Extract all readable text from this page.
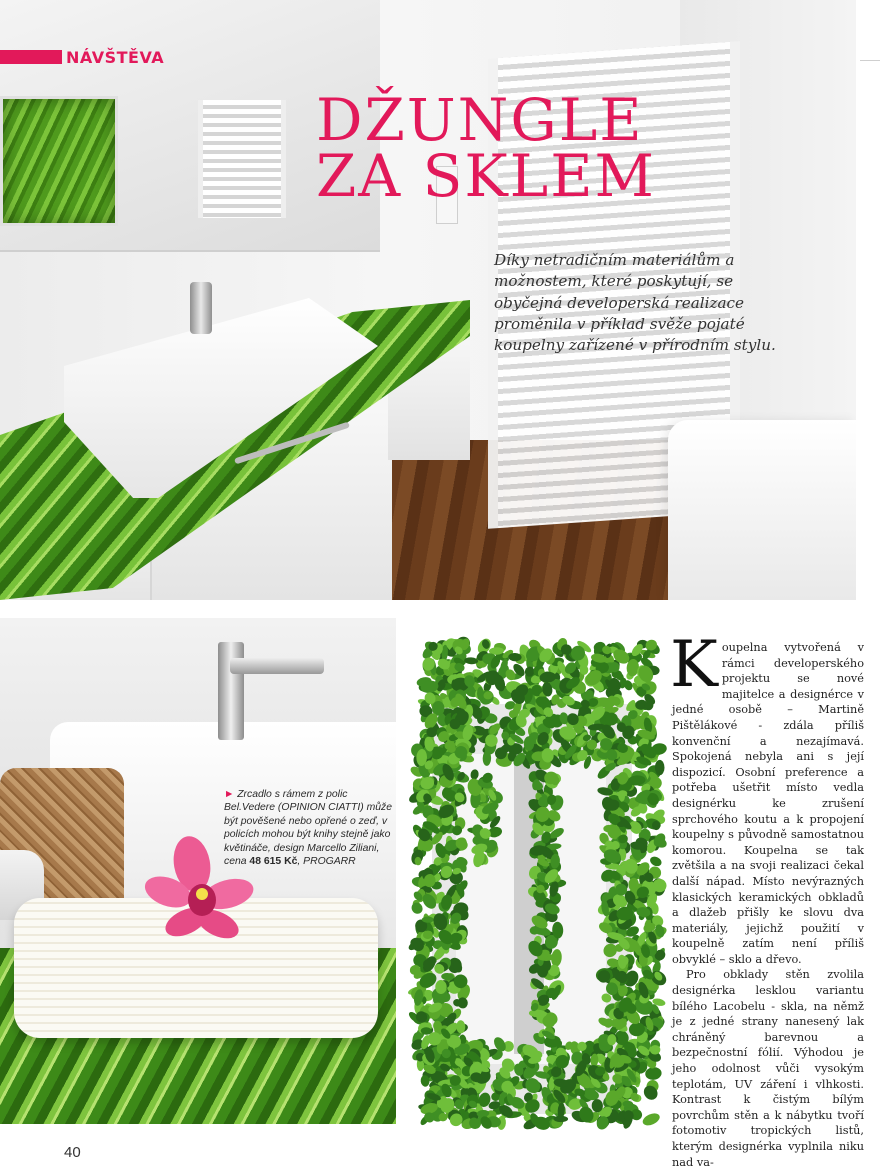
NÁVŠTĚVA
DŽUNGLE
ZA SKLEM
Díky netradičním materiálům a možnostem, které poskytují, se obyčejná developerská realizace proměnila v příklad svěže pojaté koupelny zařízené v přírodním stylu.
► Zrcadlo s rámem z polic Bel.Vedere (OPINION CIATTI) může být pověšené nebo opřené o zeď, v policích mohou být knihy stejně jako květináče, design Marcello Ziliani, cena 48 615 Kč, PROGARR

Koupelna vytvořená v rámci developerského projektu se nové majitelce a designérce v jedné osobě – Martině Pištělákové - zdála příliš konvenční a nezajímavá. Spokojená nebyla ani s její dispozicí. Osobní preference a potřeba ušetřit místo vedla designérku ke zrušení sprchového koutu a k propojení koupelny s původně samostatnou komorou. Koupelna se tak zvětšila a na svoji realizaci čekal další nápad. Místo nevýrazných klasických keramických obkladů a dlažeb přišly ke slovu dva materiály, jejichž použití v koupelně zatím není příliš obvyklé – sklo a dřevo.

Pro obklady stěn zvolila designérka lesklou variantu bílého Lacobelu - skla, na němž je z jedné strany nanesený lak chráněný barevnou a bezpečnostní fólií. Výhodou je jeho odolnost vůči vysokým teplotám, UV záření i vlhkosti. Kontrast k čistým bílým povrchům stěn a k nábytku tvoří fotomotiv tropických listů, kterým designérka vyplnila niku nad va-

40
